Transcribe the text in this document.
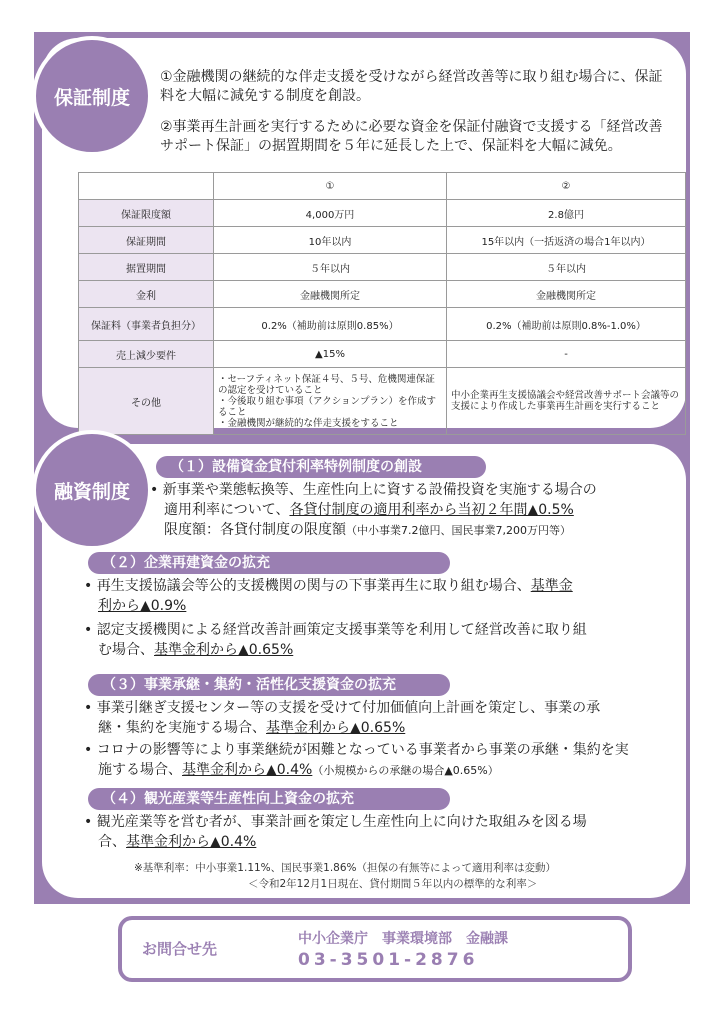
保証制度
①金融機関の継続的な伴走支援を受けながら経営改善等に取り組む場合に、保証料を大幅に減免する制度を創設。
②事業再生計画を実行するために必要な資金を保証付融資で支援する「経営改善サポート保証」の据置期間を５年に延長した上で、保証料を大幅に減免。
	①	②
保証限度額	4,000万円	2.8億円
保証期間	10年以内	15年以内（一括返済の場合1年以内）
据置期間	５年以内	５年以内
金利	金融機関所定	金融機関所定
保証料（事業者負担分）	0.2%（補助前は原則0.85%）	0.2%（補助前は原則0.8%-1.0%）
売上減少要件	▲15%	-
その他	・セーフティネット保証４号、５号、危機関連保証の認定を受けていること
・今後取り組む事項（アクションプラン）を作成すること
・金融機関が継続的な伴走支援をすること	中小企業再生支援協議会や経営改善サポート会議等の支援により作成した事業再生計画を実行すること
融資制度
（１）設備資金貸付利率特例制度の創設
• 新事業や業態転換等、生産性向上に資する設備投資を実施する場合の
適用利率について、各貸付制度の適用利率から当初２年間▲0.5%
限度額：各貸付制度の限度額（中小事業7.2億円、国民事業7,200万円等）
（２）企業再建資金の拡充
• 再生支援協議会等公的支援機関の関与の下事業再生に取り組む場合、基準金
利から▲0.9%
• 認定支援機関による経営改善計画策定支援事業等を利用して経営改善に取り組
む場合、基準金利から▲0.65%
（３）事業承継・集約・活性化支援資金の拡充
• 事業引継ぎ支援センター等の支援を受けて付加価値向上計画を策定し、事業の承
継・集約を実施する場合、基準金利から▲0.65%
• コロナの影響等により事業継続が困難となっている事業者から事業の承継・集約を実
施する場合、基準金利から▲0.4%（小規模からの承継の場合▲0.65%）
（４）観光産業等生産性向上資金の拡充
• 観光産業等を営む者が、事業計画を策定し生産性向上に向けた取組みを図る場
合、基準金利から▲0.4%
※基準利率：中小事業1.11%、国民事業1.86%（担保の有無等によって適用利率は変動）
＜令和2年12月1日現在、貸付期間５年以内の標準的な利率＞
お問合せ先
中小企業庁　事業環境部　金融課
03-3501-2876
